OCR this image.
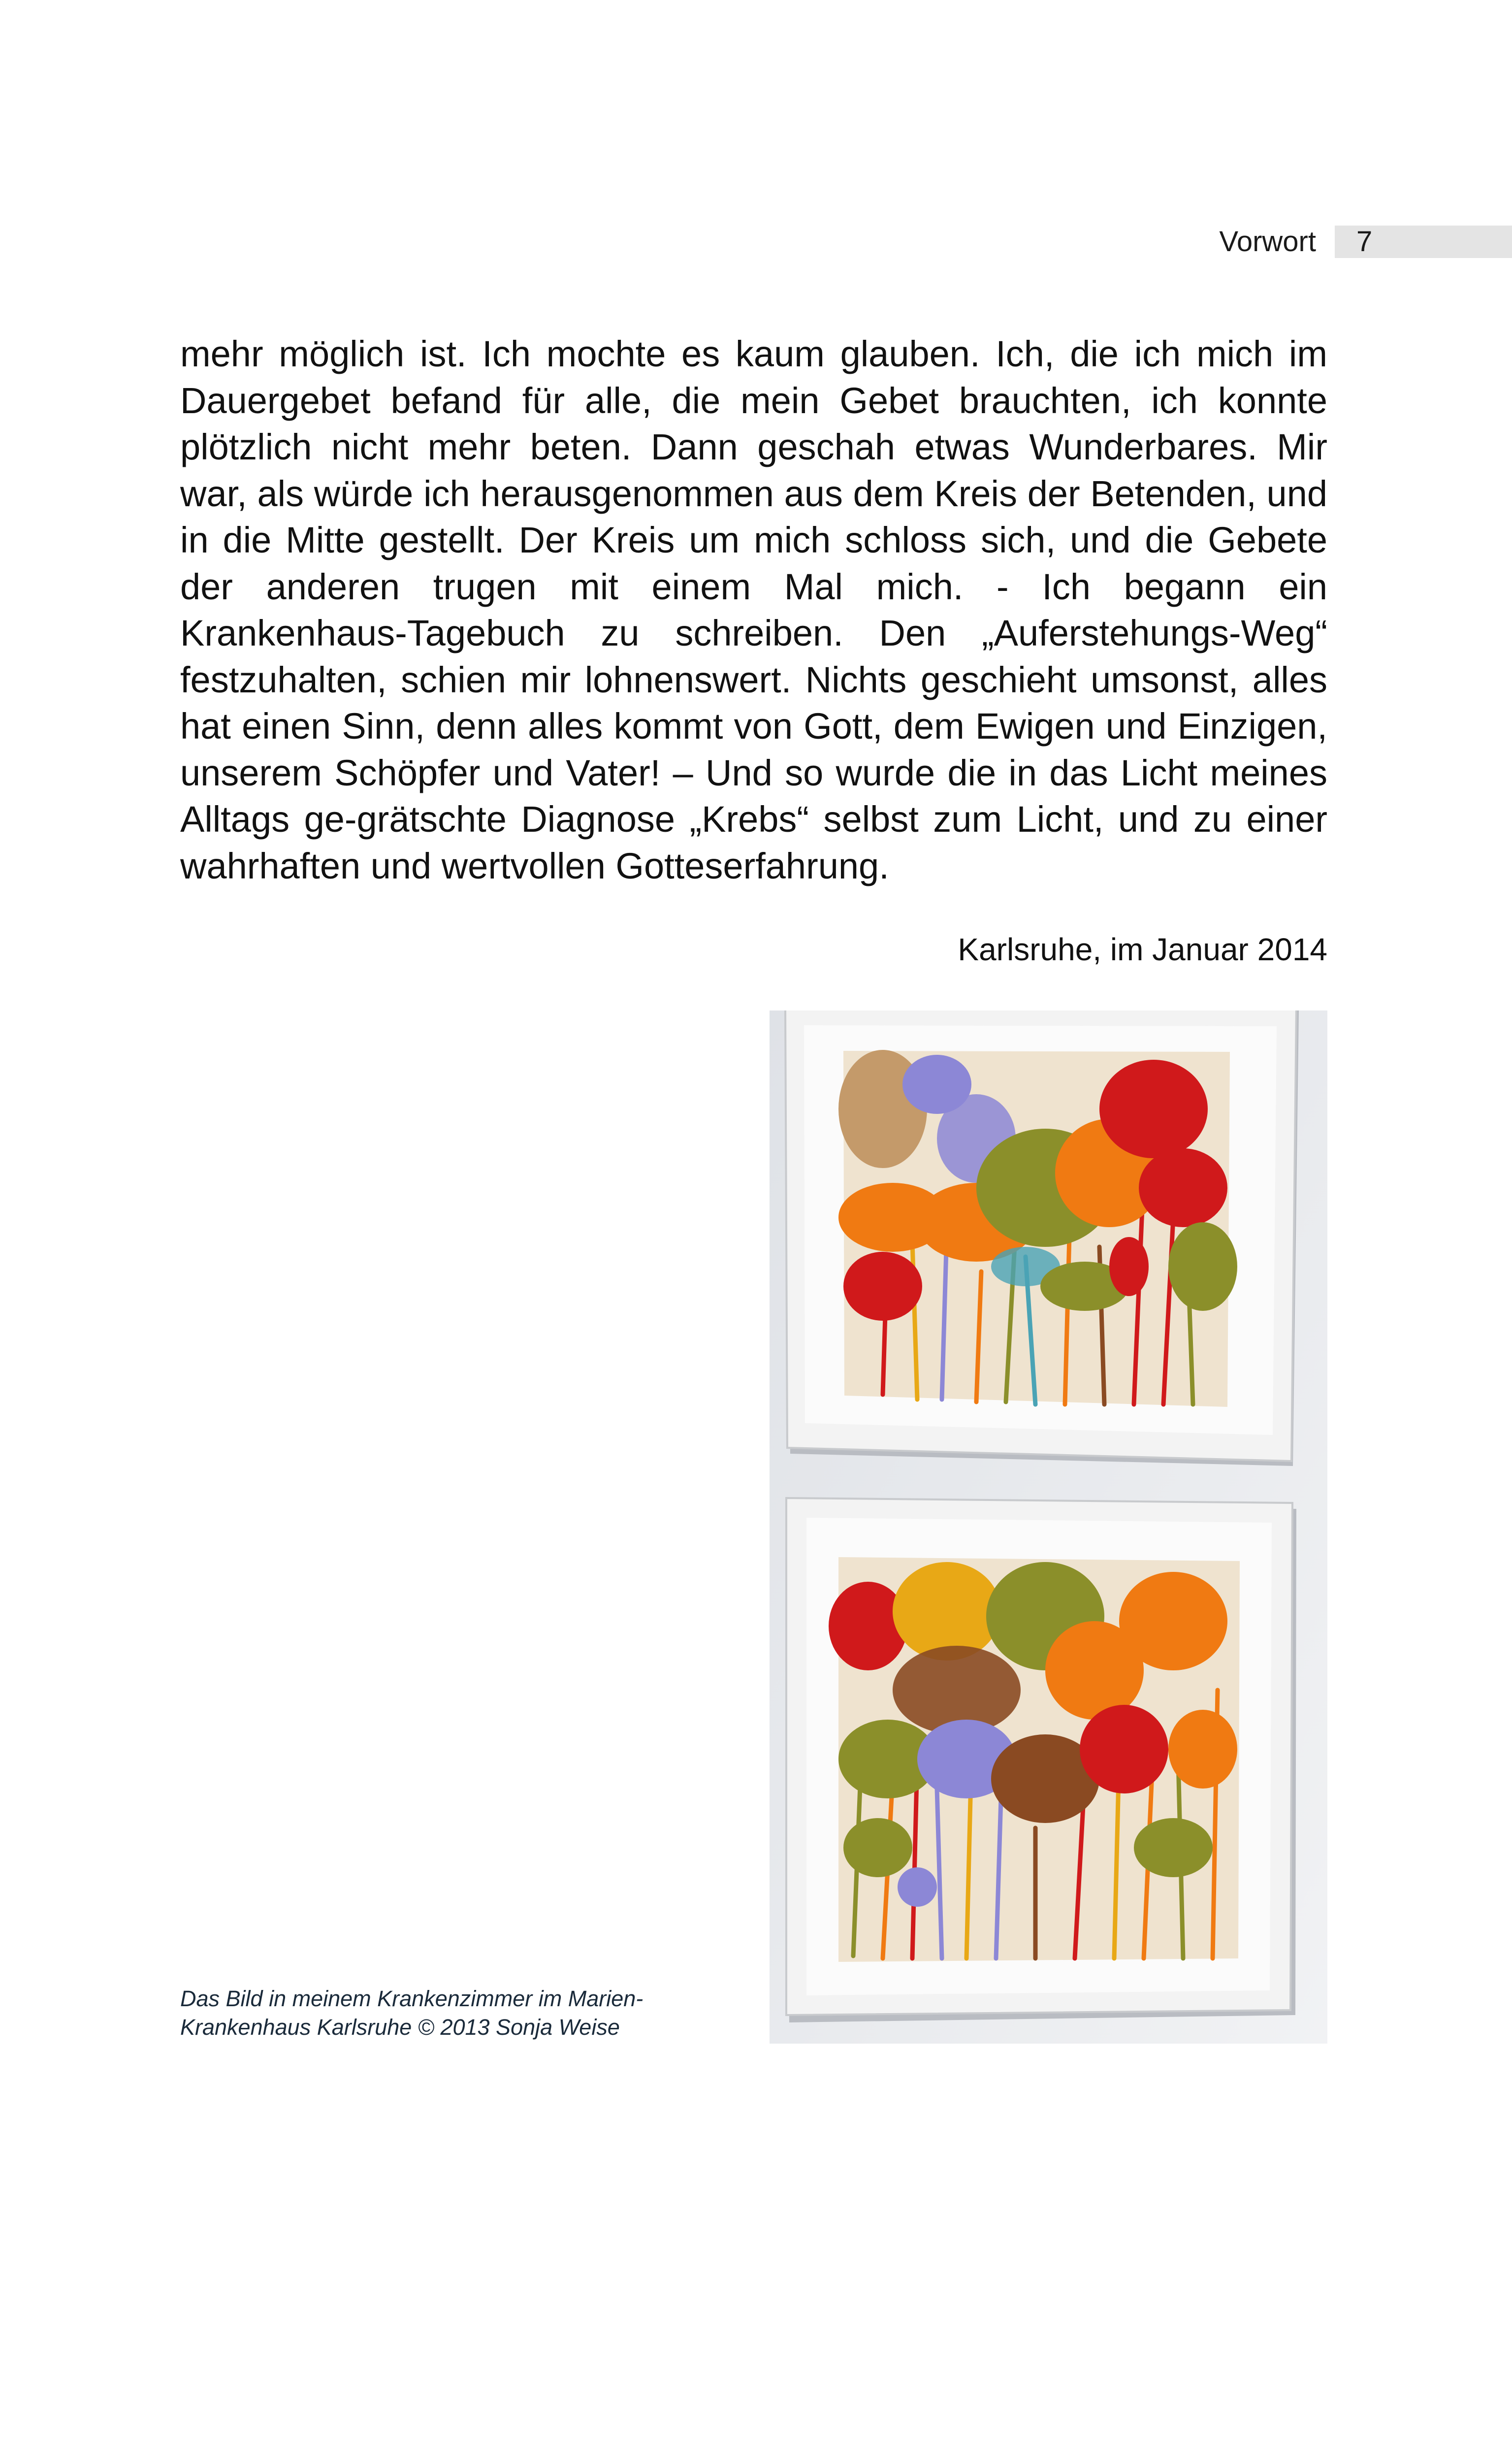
Vorwort	7

mehr möglich ist. Ich mochte es kaum glauben. Ich, die ich mich im Dauergebet befand für alle, die mein Gebet brauchten, ich konnte plötzlich nicht mehr beten. Dann geschah etwas Wunderbares. Mir war, als würde ich herausgenommen aus dem Kreis der Betenden, und in die Mitte gestellt. Der Kreis um mich schloss sich, und die Gebete der anderen trugen mit einem Mal mich. - Ich begann ein Krankenhaus-Tagebuch zu schreiben. Den „Auferstehungs-Weg“ festzuhalten, schien mir lohnenswert. Nichts geschieht umsonst, alles hat einen Sinn, denn alles kommt von Gott, dem Ewigen und Einzigen, unserem Schöpfer und Vater! – Und so wurde die in das Licht meines Alltags ge-grätschte Diagnose „Krebs“ selbst zum Licht, und zu einer wahrhaften und wertvollen Gotteserfahrung.

Karlsruhe, im Januar 2014

Das Bild in meinem Krankenzimmer im Marien-
Krankenhaus Karlsruhe © 2013 Sonja Weise
